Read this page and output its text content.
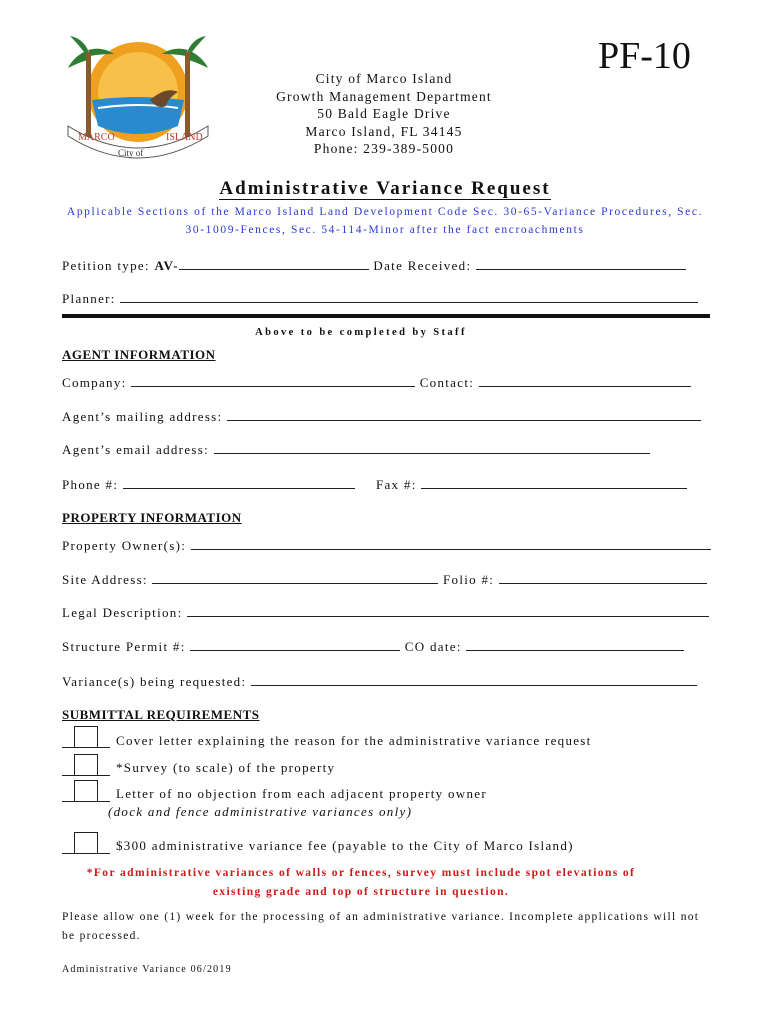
PF-10
MARCO	ISLAND
City of
City of Marco Island
Growth Management Department
50 Bald Eagle Drive
Marco Island, FL 34145
Phone: 239-389-5000
Administrative Variance Request
Applicable Sections of the Marco Island Land Development Code Sec. 30-65-Variance Procedures, Sec.
30-1009-Fences, Sec. 54-114-Minor after the fact encroachments
Petition type: AV-	Date Received:
Planner:
Above to be completed by Staff
AGENT INFORMATION
Company:	Contact:
Agent’s mailing address:
Agent’s email address:
Phone #:	Fax #:
PROPERTY INFORMATION
Property Owner(s):
Site Address:	Folio #:
Legal Description:
Structure Permit #:	CO date:
Variance(s) being requested:
SUBMITTAL REQUIREMENTS
Cover letter explaining the reason for the administrative variance request
*Survey (to scale) of the property
Letter of no objection from each adjacent property owner
(dock and fence administrative variances only)
$300 administrative variance fee (payable to the City of Marco Island)
*For administrative variances of walls or fences, survey must include spot elevations of
existing grade and top of structure in question.
Please allow one (1) week for the processing of an administrative variance. Incomplete applications will not be processed.
Administrative Variance 06/2019
